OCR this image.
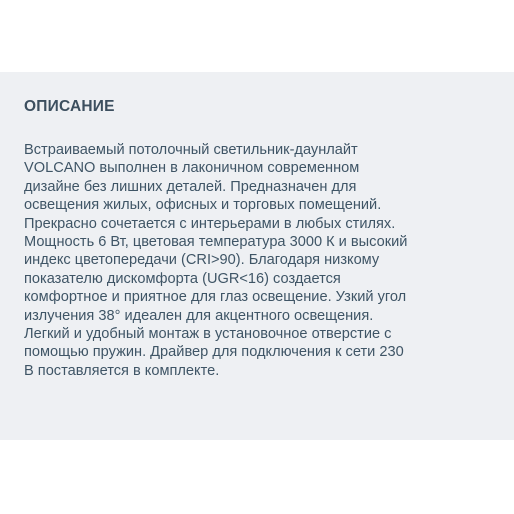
ОПИСАНИЕ

Встраиваемый потолочный светильник-даунлайт
VOLCANO выполнен в лаконичном современном
дизайне без лишних деталей. Предназначен для
освещения жилых, офисных и торговых помещений.
Прекрасно сочетается с интерьерами в любых стилях.
Мощность 6 Вт, цветовая температура 3000 К и высокий
индекс цветопередачи (CRI>90). Благодаря низкому
показателю дискомфорта (UGR<16) создается
комфортное и приятное для глаз освещение. Узкий угол
излучения 38° идеален для акцентного освещения.
Легкий и удобный монтаж в установочное отверстие с
помощью пружин. Драйвер для подключения к сети 230
В поставляется в комплекте.
